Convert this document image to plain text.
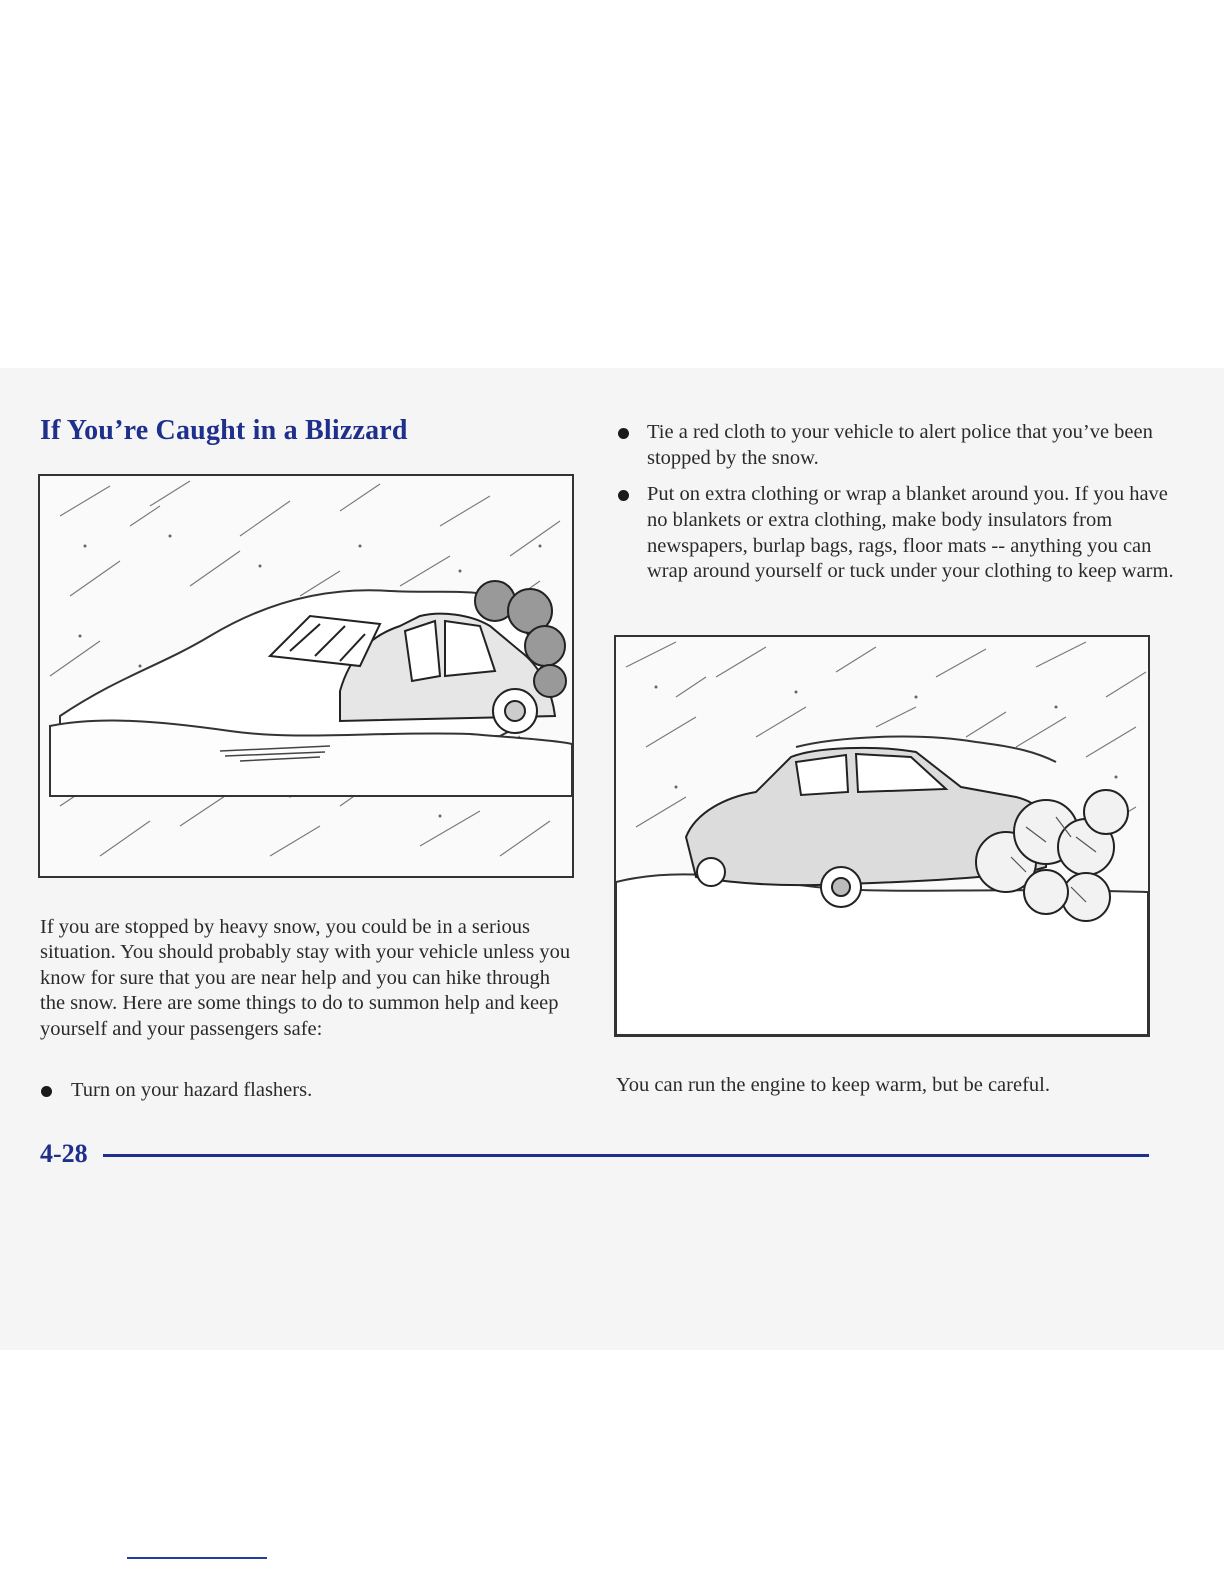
If You’re Caught in a Blizzard
If you are stopped by heavy snow, you could be in a serious situation. You should probably stay with your vehicle unless you know for sure that you are near help and you can hike through the snow. Here are some things to do to summon help and keep yourself and your passengers safe:
Turn on your hazard flashers.
Tie a red cloth to your vehicle to alert police that you’ve been stopped by the snow.
Put on extra clothing or wrap a blanket around you. If you have no blankets or extra clothing, make body insulators from newspapers, burlap bags, rags, floor mats -- anything you can wrap around yourself or tuck under your clothing to keep warm.
You can run the engine to keep warm, but be careful.
4-28
